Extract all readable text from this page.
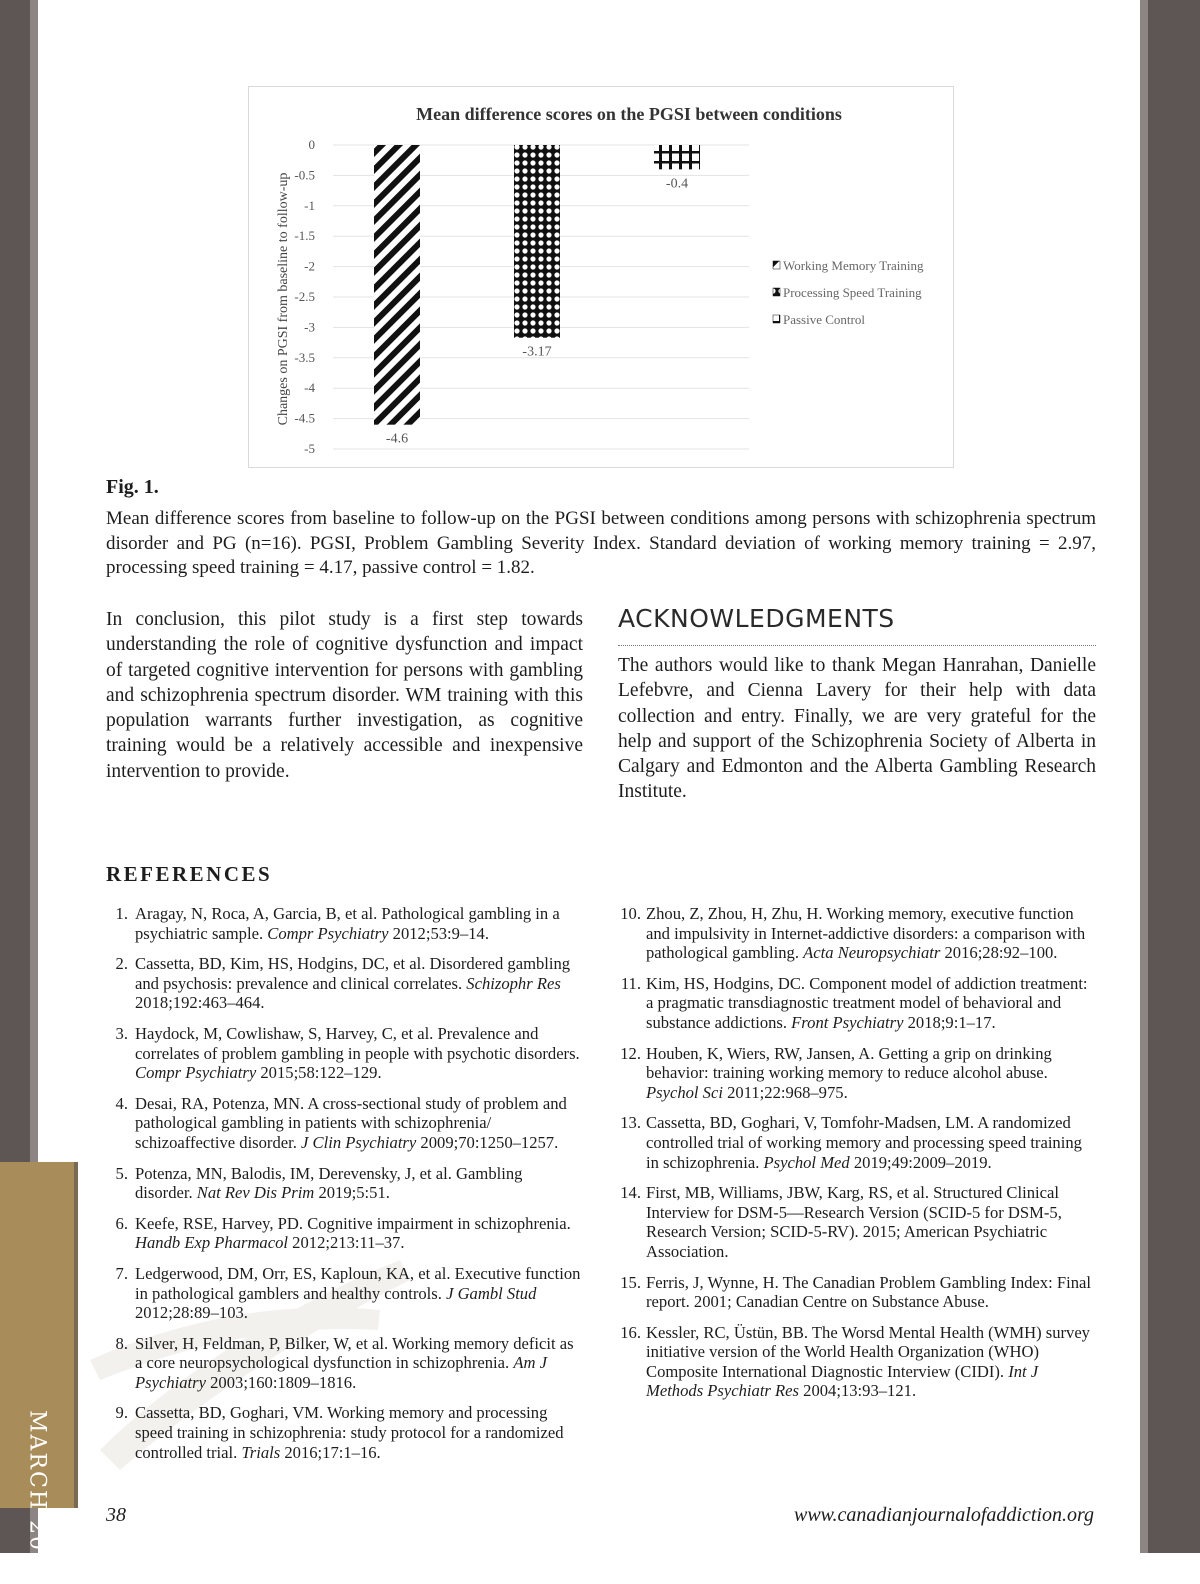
MARCH 2021
Mean difference scores on the PGSI between conditions
Changes on PGSI from baseline to follow-up
0
-0.5
-1
-1.5
-2
-2.5
-3
-3.5
-4
-4.5
-5
-4.6
-3.17
-0.4
Working Memory Training
Processing Speed Training
Passive Control
Fig. 1.
Mean difference scores from baseline to follow-up on the PGSI between conditions among persons with schizophrenia spectrum disorder and PG (n=16). PGSI, Problem Gambling Severity Index. Standard deviation of working memory training = 2.97, processing speed training = 4.17, passive control = 1.82.
In conclusion, this pilot study is a first step towards understanding the role of cognitive dysfunction and impact of targeted cognitive intervention for persons with gambling and schizophrenia spectrum disorder. WM training with this population warrants further investigation, as cognitive training would be a relatively accessible and inexpensive intervention to provide.
ACKNOWLEDGMENTS
The authors would like to thank Megan Hanrahan, Danielle Lefebvre, and Cienna Lavery for their help with data collection and entry. Finally, we are very grateful for the help and support of the Schizophrenia Society of Alberta in Calgary and Edmonton and the Alberta Gambling Research Institute.
REFERENCES
1. Aragay, N, Roca, A, Garcia, B, et al. Pathological gambling in a psychiatric sample. Compr Psychiatry 2012;53:9–14.
2. Cassetta, BD, Kim, HS, Hodgins, DC, et al. Disordered gambling and psychosis: prevalence and clinical correlates. Schizophr Res 2018;192:463–464.
3. Haydock, M, Cowlishaw, S, Harvey, C, et al. Prevalence and correlates of problem gambling in people with psychotic disorders. Compr Psychiatry 2015;58:122–129.
4. Desai, RA, Potenza, MN. A cross-sectional study of problem and pathological gambling in patients with schizophrenia/ schizoaffective disorder. J Clin Psychiatry 2009;70:1250–1257.
5. Potenza, MN, Balodis, IM, Derevensky, J, et al. Gambling disorder. Nat Rev Dis Prim 2019;5:51.
6. Keefe, RSE, Harvey, PD. Cognitive impairment in schizophrenia. Handb Exp Pharmacol 2012;213:11–37.
7. Ledgerwood, DM, Orr, ES, Kaploun, KA, et al. Executive function in pathological gamblers and healthy controls. J Gambl Stud 2012;28:89–103.
8. Silver, H, Feldman, P, Bilker, W, et al. Working memory deficit as a core neuropsychological dysfunction in schizophrenia. Am J Psychiatry 2003;160:1809–1816.
9. Cassetta, BD, Goghari, VM. Working memory and processing speed training in schizophrenia: study protocol for a randomized controlled trial. Trials 2016;17:1–16.
10. Zhou, Z, Zhou, H, Zhu, H. Working memory, executive function and impulsivity in Internet-addictive disorders: a comparison with pathological gambling. Acta Neuropsychiatr 2016;28:92–100.
11. Kim, HS, Hodgins, DC. Component model of addiction treatment: a pragmatic transdiagnostic treatment model of behavioral and substance addictions. Front Psychiatry 2018;9:1–17.
12. Houben, K, Wiers, RW, Jansen, A. Getting a grip on drinking behavior: training working memory to reduce alcohol abuse. Psychol Sci 2011;22:968–975.
13. Cassetta, BD, Goghari, V, Tomfohr-Madsen, LM. A randomized controlled trial of working memory and processing speed training in schizophrenia. Psychol Med 2019;49:2009–2019.
14. First, MB, Williams, JBW, Karg, RS, et al. Structured Clinical Interview for DSM-5—Research Version (SCID-5 for DSM-5, Research Version; SCID-5-RV). 2015; American Psychiatric Association.
15. Ferris, J, Wynne, H. The Canadian Problem Gambling Index: Final report. 2001; Canadian Centre on Substance Abuse.
16. Kessler, RC, Üstün, BB. The Worsd Mental Health (WMH) survey initiative version of the World Health Organization (WHO) Composite International Diagnostic Interview (CIDI). Int J Methods Psychiatr Res 2004;13:93–121.
38	www.canadianjournalofaddiction.org
